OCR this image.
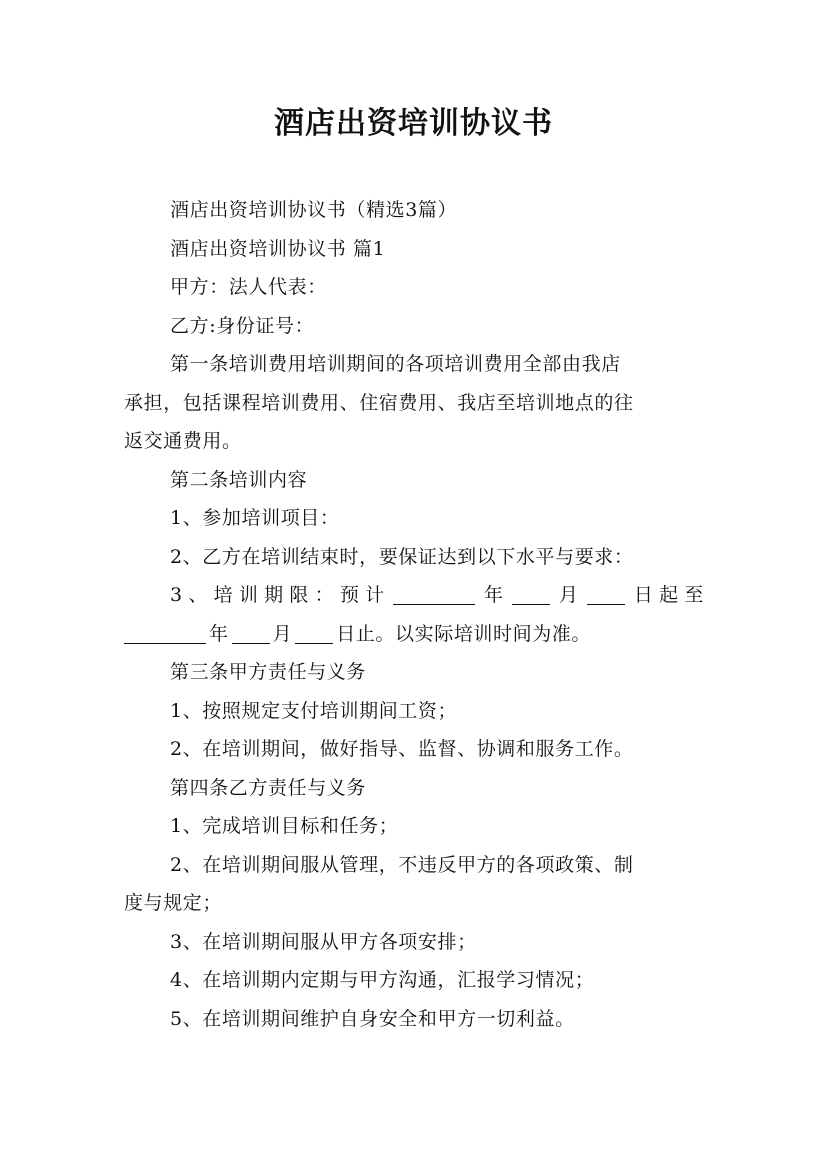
酒店出资培训协议书
酒店出资培训协议书（精选3篇）
酒店出资培训协议书 篇1
甲方：法人代表：
乙方:身份证号：
第一条培训费用培训期间的各项培训费用全部由我店
承担，包括课程培训费用、住宿费用、我店至培训地点的往
返交通费用。
第二条培训内容
1、参加培训项目：
2、乙方在培训结束时，要保证达到以下水平与要求：
3、培训期限：预计	年 月 日起至
年 月 日止。以实际培训时间为准。
第三条甲方责任与义务
1、按照规定支付培训期间工资；
2、在培训期间，做好指导、监督、协调和服务工作。
第四条乙方责任与义务
1、完成培训目标和任务；
2、在培训期间服从管理，不违反甲方的各项政策、制
度与规定；
3、在培训期间服从甲方各项安排；
4、在培训期内定期与甲方沟通，汇报学习情况；
5、在培训期间维护自身安全和甲方一切利益。
